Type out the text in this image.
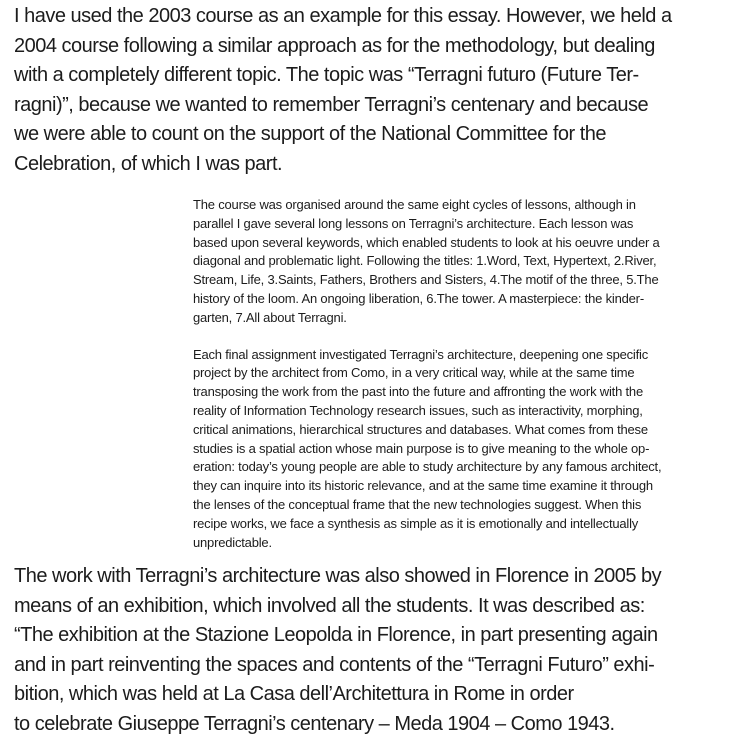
I have used the 2003 course as an example for this essay. However, we held a
2004 course following a similar approach as for the methodology, but dealing
with a completely different topic. The topic was “Terragni futuro (Future Ter-
ragni)”, because we wanted to remember Terragni’s centenary and because
we were able to count on the support of the National Committee for the
Celebration, of which I was part.

The course was organised around the same eight cycles of lessons, although in
parallel I gave several long lessons on Terragni’s architecture. Each lesson was
based upon several keywords, which enabled students to look at his oeuvre under a
diagonal and problematic light. Following the titles: 1.Word, Text, Hypertext, 2.River,
Stream, Life, 3.Saints, Fathers, Brothers and Sisters, 4.The motif of the three, 5.The
history of the loom. An ongoing liberation, 6.The tower. A masterpiece: the kinder-
garten, 7.All about Terragni.

Each final assignment investigated Terragni’s architecture, deepening one specific
project by the architect from Como, in a very critical way, while at the same time
transposing the work from the past into the future and affronting the work with the
reality of Information Technology research issues, such as interactivity, morphing,
critical animations, hierarchical structures and databases. What comes from these
studies is a spatial action whose main purpose is to give meaning to the whole op-
eration: today’s young people are able to study architecture by any famous architect,
they can inquire into its historic relevance, and at the same time examine it through
the lenses of the conceptual frame that the new technologies suggest. When this
recipe works, we face a synthesis as simple as it is emotionally and intellectually
unpredictable.

The work with Terragni’s architecture was also showed in Florence in 2005 by
means of an exhibition, which involved all the students. It was described as:
“The exhibition at the Stazione Leopolda in Florence, in part presenting again
and in part reinventing the spaces and contents of the “Terragni Futuro” exhi-
bition, which was held at La Casa dell’Architettura in Rome in order
to celebrate Giuseppe Terragni’s centenary – Meda 1904 – Como 1943.
